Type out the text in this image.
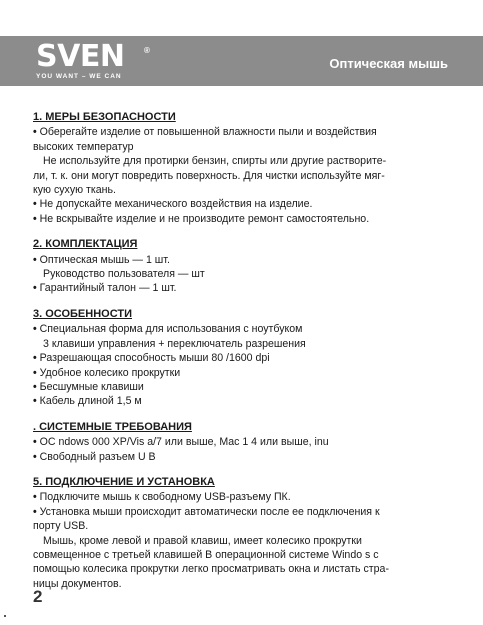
SVEN ®
YOU WANT – WE CAN
Оптическая мышь
1. МЕРЫ БЕЗОПАСНОСТИ
• Оберегайте изделие от повышенной влажности пыли и воздействия
высоких температур
Не используйте для протирки бензин, спирты или другие растворите-
ли, т. к. они могут повредить поверхность. Для чистки используйте мяг-
кую сухую ткань.
• Не допускайте механического воздействия на изделие.
• Не вскрывайте изделие и не производите ремонт самостоятельно.
2. КОМПЛЕКТАЦИЯ
• Оптическая мышь — 1 шт.
Руководство пользователя — шт
• Гарантийный талон — 1 шт.
3. ОСОБЕННОСТИ
• Специальная форма для использования с ноутбуком
3 клавиши управления + переключатель разрешения
• Разрешающая способность мыши 80 /1600 dpi
• Удобное колесико прокрутки
• Бесшумные клавиши
• Кабель длиной 1,5 м
. СИСТЕМНЫЕ ТРЕБОВАНИЯ
• ОС ndows 000 XP/Vis a/7 или выше, Mac 1 4 или выше, inu
• Свободный разъем U B
5. ПОДКЛЮЧЕНИЕ И УСТАНОВКА
• Подключите мышь к свободному USB-разъему ПК.
• Установка мыши происходит автоматически после ее подключения к
порту USB.
Мышь, кроме левой и правой клавиш, имеет колесико прокрутки
совмещенное с третьей клавишей В операционной системе Windo s с
помощью колесика прокрутки легко просматривать окна и листать стра-
ницы документов.
2
